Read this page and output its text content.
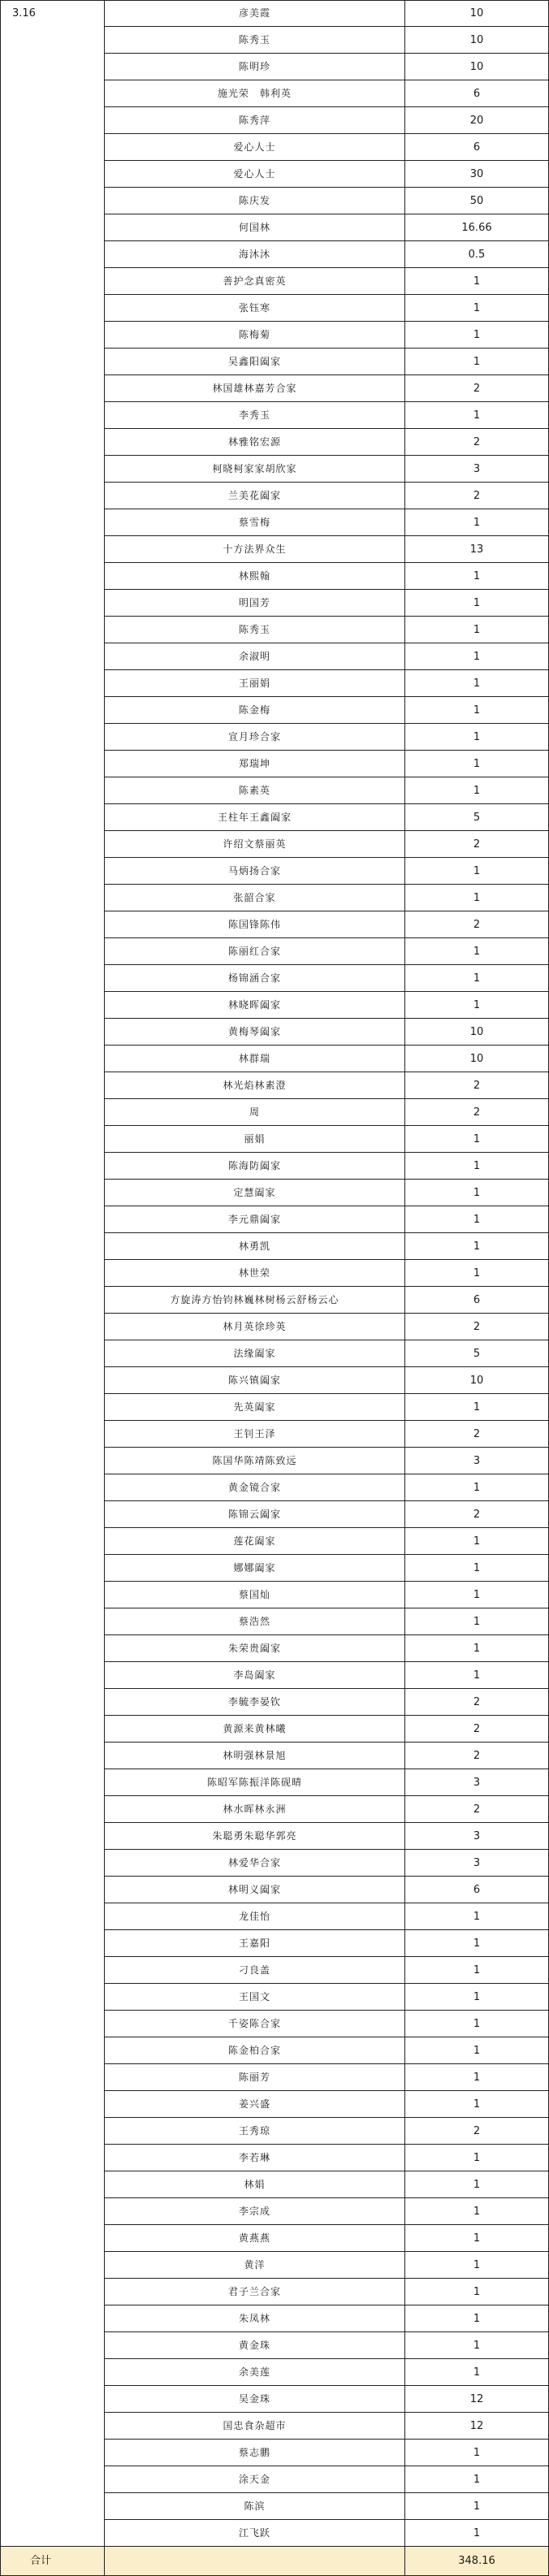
3.16	彦美霞	10
陈秀玉	10
陈明珍	10
施光荣　韩利英	6
陈秀萍	20
爱心人士	6
爱心人士	30
陈庆发	50
何国林	16.66
海沐沐	0.5
善护念真密英	1
张钰寒	1
陈梅菊	1
吴鑫阳阖家	1
林国雄林嘉芳合家	2
李秀玉	1
林雅铭宏源	2
柯晓柯家家胡欣家	3
兰美花阖家	2
蔡雪梅	1
十方法界众生	13
林熙翰	1
明国芳	1
陈秀玉	1
余淑明	1
王丽娟	1
陈金梅	1
宣月珍合家	1
郑瑞坤	1
陈素英	1
王柱年王鑫阖家	5
许绍文蔡丽英	2
马炳扬合家	1
张韶合家	1
陈国锋陈伟	2
陈丽红合家	1
杨锦涵合家	1
林晓晖阖家	1
黄梅琴阖家	10
林群瑞	10
林光焰林素澄	2
周	2
丽娟	1
陈海防阖家	1
定慧阖家	1
李元鼎阖家	1
林勇凯	1
林世荣	1
方旋涛方怡钧林巍林树杨云舒杨云心	6
林月英徐珍英	2
法缘阖家	5
陈兴镇阖家	10
先英阖家	1
王钊王泽	2
陈国华陈靖陈致远	3
黄金镜合家	1
陈锦云阖家	2
莲花阖家	1
娜娜阖家	1
蔡国灿	1
蔡浩然	1
朱荣贵阖家	1
李岛阖家	1
李毓李晏钦	2
黄源来黄林曦	2
林明强林景旭	2
陈昭军陈振洋陈砚晴	3
林水晖林永洲	2
朱聪勇朱聪华郭亮	3
林爱华合家	3
林明义阖家	6
龙佳怡	1
王嘉阳	1
刁良盖	1
王国文	1
千姿陈合家	1
陈金柏合家	1
陈丽芳	1
姜兴盛	1
王秀琼	2
李若琳	1
林娟	1
李宗成	1
黄燕燕	1
黄洋	1
君子兰合家	1
朱凤林	1
黄金珠	1
余美莲	1
吴金珠	12
国忠食杂超市	12
蔡志鹏	1
涂天金	1
陈滨	1
江飞跃	1
合计	348.16
